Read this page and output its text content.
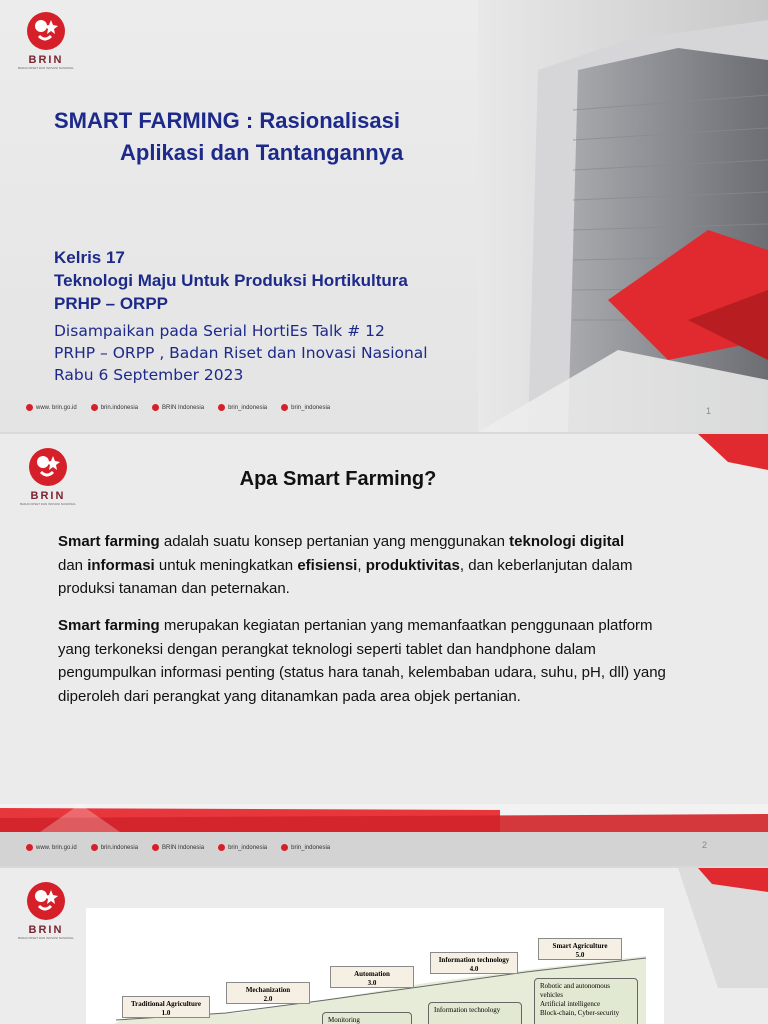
BRIN
BADAN RISET DAN INOVASI NASIONAL
SMART FARMING : Rasionalisasi
Aplikasi dan Tantangannya
Kelris 17
Teknologi Maju Untuk Produksi Hortikultura
PRHP – ORPP
Disampaikan pada Serial HortiEs Talk # 12
PRHP – ORPP , Badan Riset dan Inovasi Nasional
Rabu 6 September 2023
www. brin.go.id	brin.indonesia	BRIN Indonesia	brin_indonesia	brin_indonesia	1
BRIN
BADAN RISET DAN INOVASI NASIONAL
Apa Smart Farming?
Smart farming adalah suatu konsep pertanian yang menggunakan teknologi digital
dan informasi untuk meningkatkan efisiensi, produktivitas, dan keberlanjutan dalam
produksi tanaman dan peternakan.
Smart farming merupakan kegiatan pertanian yang memanfaatkan penggunaan platform
yang terkoneksi dengan perangkat teknologi seperti tablet dan handphone dalam
pengumpulkan informasi penting (status hara tanah, kelembaban udara, suhu, pH, dll) yang
diperoleh dari perangkat yang ditanamkan pada area objek pertanian.
www. brin.go.id	brin.indonesia	BRIN Indonesia	brin_indonesia	brin_indonesia	2
BRIN
BADAN RISET DAN INOVASI NASIONAL
Traditional Agriculture
1.0
Mechanization
2.0
Automation
3.0
Information technology
4.0
Smart Agriculture
5.0
Monitoring
Information technology
Robotic and autonomous
vehicles
Artificial intelligence
Block-chain, Cyber-security
